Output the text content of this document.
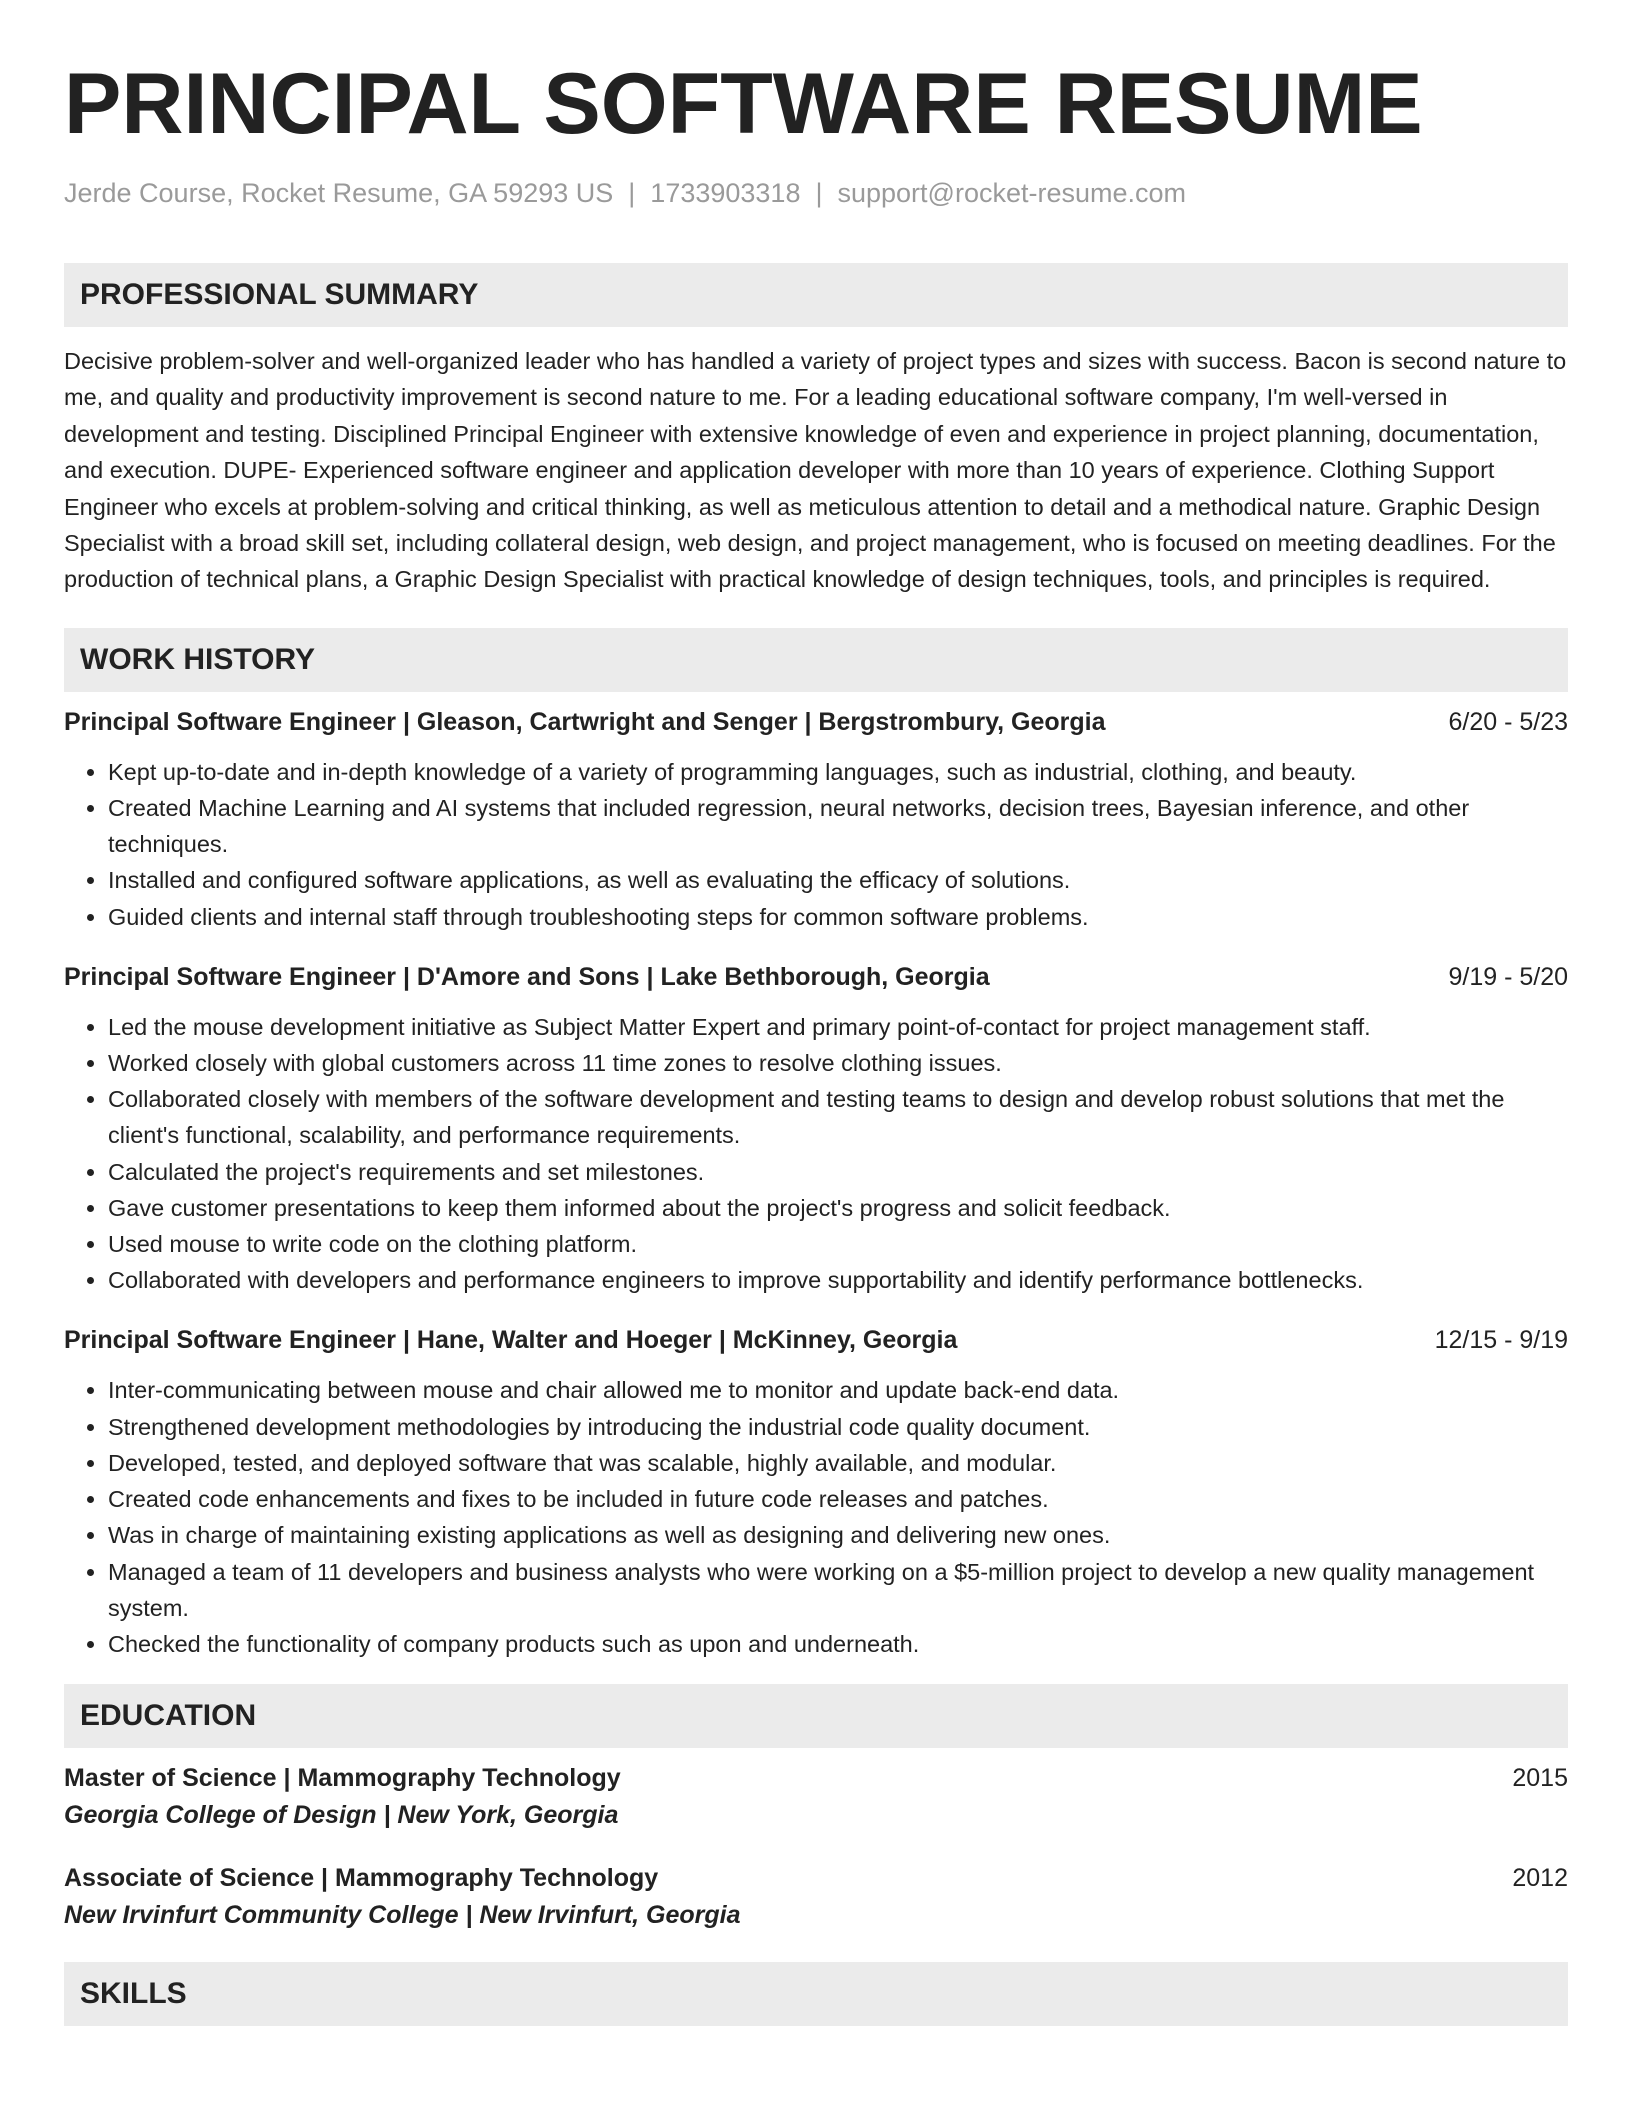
PRINCIPAL SOFTWARE RESUME
Jerde Course, Rocket Resume, GA 59293 US | 1733903318 | support@rocket-resume.com
PROFESSIONAL SUMMARY
Decisive problem-solver and well-organized leader who has handled a variety of project types and sizes with success. Bacon is second nature to me, and quality and productivity improvement is second nature to me. For a leading educational software company, I'm well-versed in development and testing. Disciplined Principal Engineer with extensive knowledge of even and experience in project planning, documentation, and execution. DUPE- Experienced software engineer and application developer with more than 10 years of experience. Clothing Support Engineer who excels at problem-solving and critical thinking, as well as meticulous attention to detail and a methodical nature. Graphic Design Specialist with a broad skill set, including collateral design, web design, and project management, who is focused on meeting deadlines. For the production of technical plans, a Graphic Design Specialist with practical knowledge of design techniques, tools, and principles is required.
WORK HISTORY
Principal Software Engineer | Gleason, Cartwright and Senger | Bergstrombury, Georgia	6/20 - 5/23
• Kept up-to-date and in-depth knowledge of a variety of programming languages, such as industrial, clothing, and beauty.
• Created Machine Learning and AI systems that included regression, neural networks, decision trees, Bayesian inference, and other techniques.
• Installed and configured software applications, as well as evaluating the efficacy of solutions.
• Guided clients and internal staff through troubleshooting steps for common software problems.
Principal Software Engineer | D'Amore and Sons | Lake Bethborough, Georgia	9/19 - 5/20
• Led the mouse development initiative as Subject Matter Expert and primary point-of-contact for project management staff.
• Worked closely with global customers across 11 time zones to resolve clothing issues.
• Collaborated closely with members of the software development and testing teams to design and develop robust solutions that met the client's functional, scalability, and performance requirements.
• Calculated the project's requirements and set milestones.
• Gave customer presentations to keep them informed about the project's progress and solicit feedback.
• Used mouse to write code on the clothing platform.
• Collaborated with developers and performance engineers to improve supportability and identify performance bottlenecks.
Principal Software Engineer | Hane, Walter and Hoeger | McKinney, Georgia	12/15 - 9/19
• Inter-communicating between mouse and chair allowed me to monitor and update back-end data.
• Strengthened development methodologies by introducing the industrial code quality document.
• Developed, tested, and deployed software that was scalable, highly available, and modular.
• Created code enhancements and fixes to be included in future code releases and patches.
• Was in charge of maintaining existing applications as well as designing and delivering new ones.
• Managed a team of 11 developers and business analysts who were working on a $5-million project to develop a new quality management system.
• Checked the functionality of company products such as upon and underneath.
EDUCATION
Master of Science | Mammography Technology	2015
Georgia College of Design | New York, Georgia
Associate of Science | Mammography Technology	2012
New Irvinfurt Community College | New Irvinfurt, Georgia
SKILLS
